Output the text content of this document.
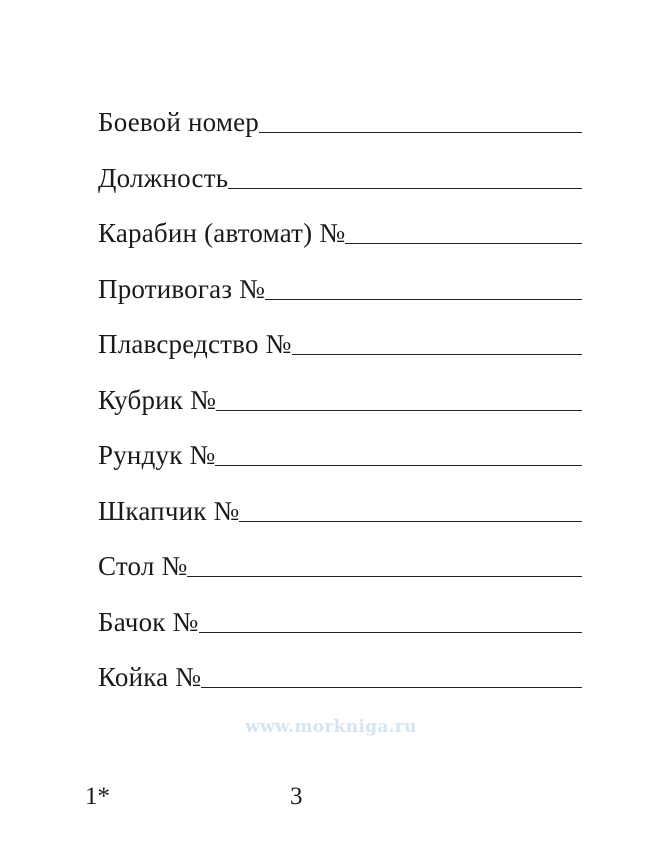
Боевой номер
Должность
Карабин (автомат) №
Противогаз №
Плавсредство №
Кубрик №
Рундук №
Шкапчик №
Стол №
Бачок №
Койка №
www.morkniga.ru
1*	3
